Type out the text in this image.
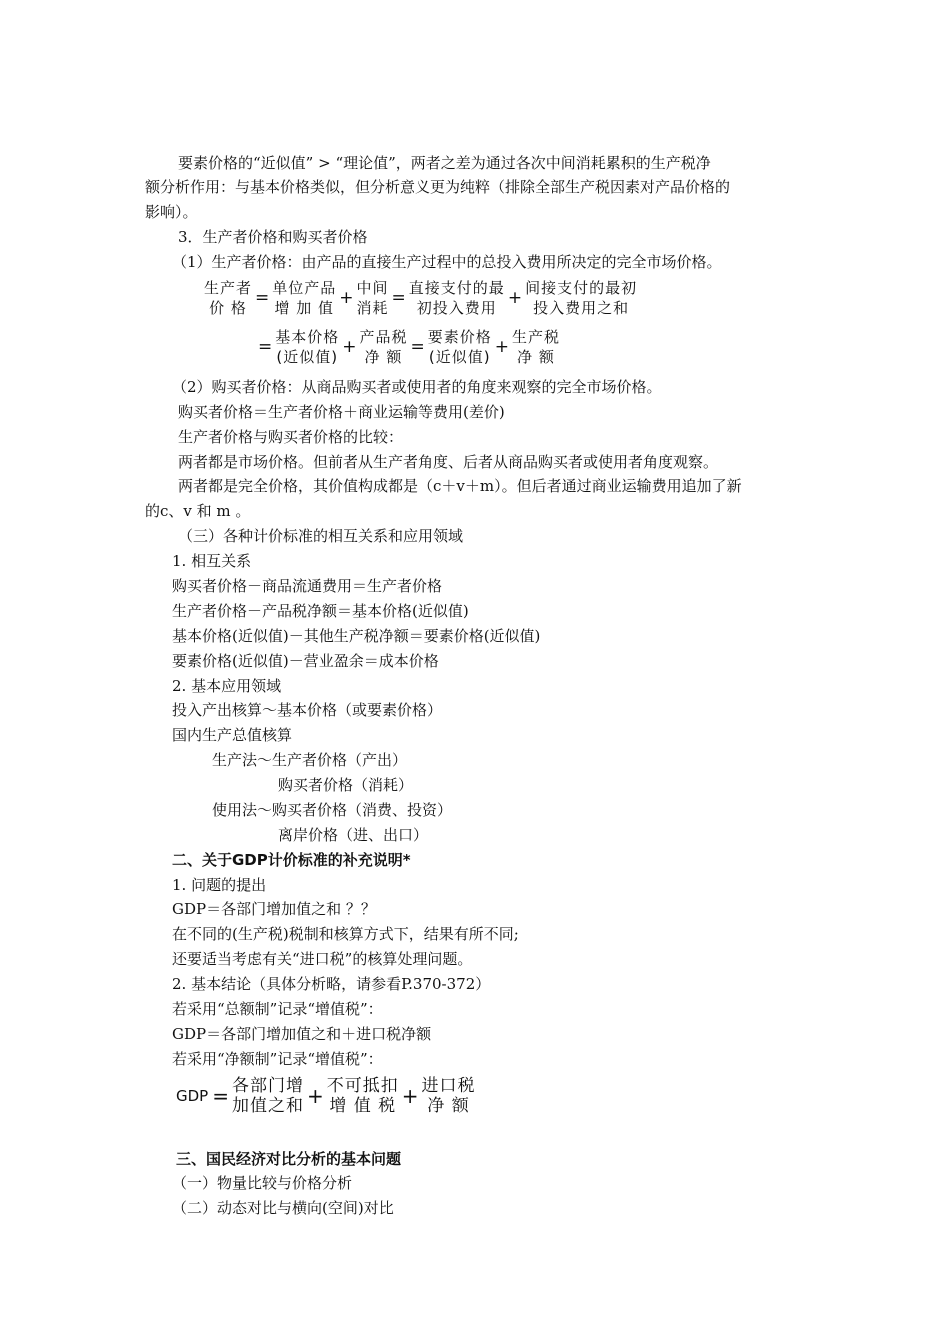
要素价格的“近似值” > “理论值”，两者之差为通过各次中间消耗累积的生产税净
额分析作用：与基本价格类似，但分析意义更为纯粹（排除全部生产税因素对产品价格的
影响）。
3．生产者价格和购买者价格
（1）生产者价格：由产品的直接生产过程中的总投入费用所决定的完全市场价格。
生产者
价 格 = 单位产品
增 加 值 + 中间
消耗 = 直接支付的最
初投入费用 + 间接支付的最初
投入费用之和
= 基本价格
(近似值) + 产品税
净 额 = 要素价格
(近似值) + 生产税
净 额
（2）购买者价格：从商品购买者或使用者的角度来观察的完全市场价格。
购买者价格＝生产者价格＋商业运输等费用(差价)
生产者价格与购买者价格的比较：
两者都是市场价格。但前者从生产者角度、后者从商品购买者或使用者角度观察。
两者都是完全价格，其价值构成都是（c＋v＋m）。但后者通过商业运输费用追加了新
的c、v 和 m 。
（三）各种计价标准的相互关系和应用领域
1. 相互关系
购买者价格－商品流通费用＝生产者价格
生产者价格－产品税净额＝基本价格(近似值)
基本价格(近似值)－其他生产税净额＝要素价格(近似值)
要素价格(近似值)－营业盈余＝成本价格
2. 基本应用领域
投入产出核算～基本价格（或要素价格）
国内生产总值核算
生产法～生产者价格（产出）
购买者价格（消耗）
使用法～购买者价格（消费、投资）
离岸价格（进、出口）
二、关于GDP计价标准的补充说明*
1. 问题的提出
GDP＝各部门增加值之和 ？？
在不同的(生产税)税制和核算方式下，结果有所不同;
还要适当考虑有关“进口税”的核算处理问题。
2. 基本结论（具体分析略，请参看P.370-372）
若采用“总额制”记录“增值税”：
GDP＝各部门增加值之和＋进口税净额
若采用“净额制”记录“增值税”：
GDP = 各部门增
加值之和 + 不可抵扣
增 值 税 + 进口税
净 额
三、国民经济对比分析的基本问题
（一）物量比较与价格分析
（二）动态对比与横向(空间)对比
